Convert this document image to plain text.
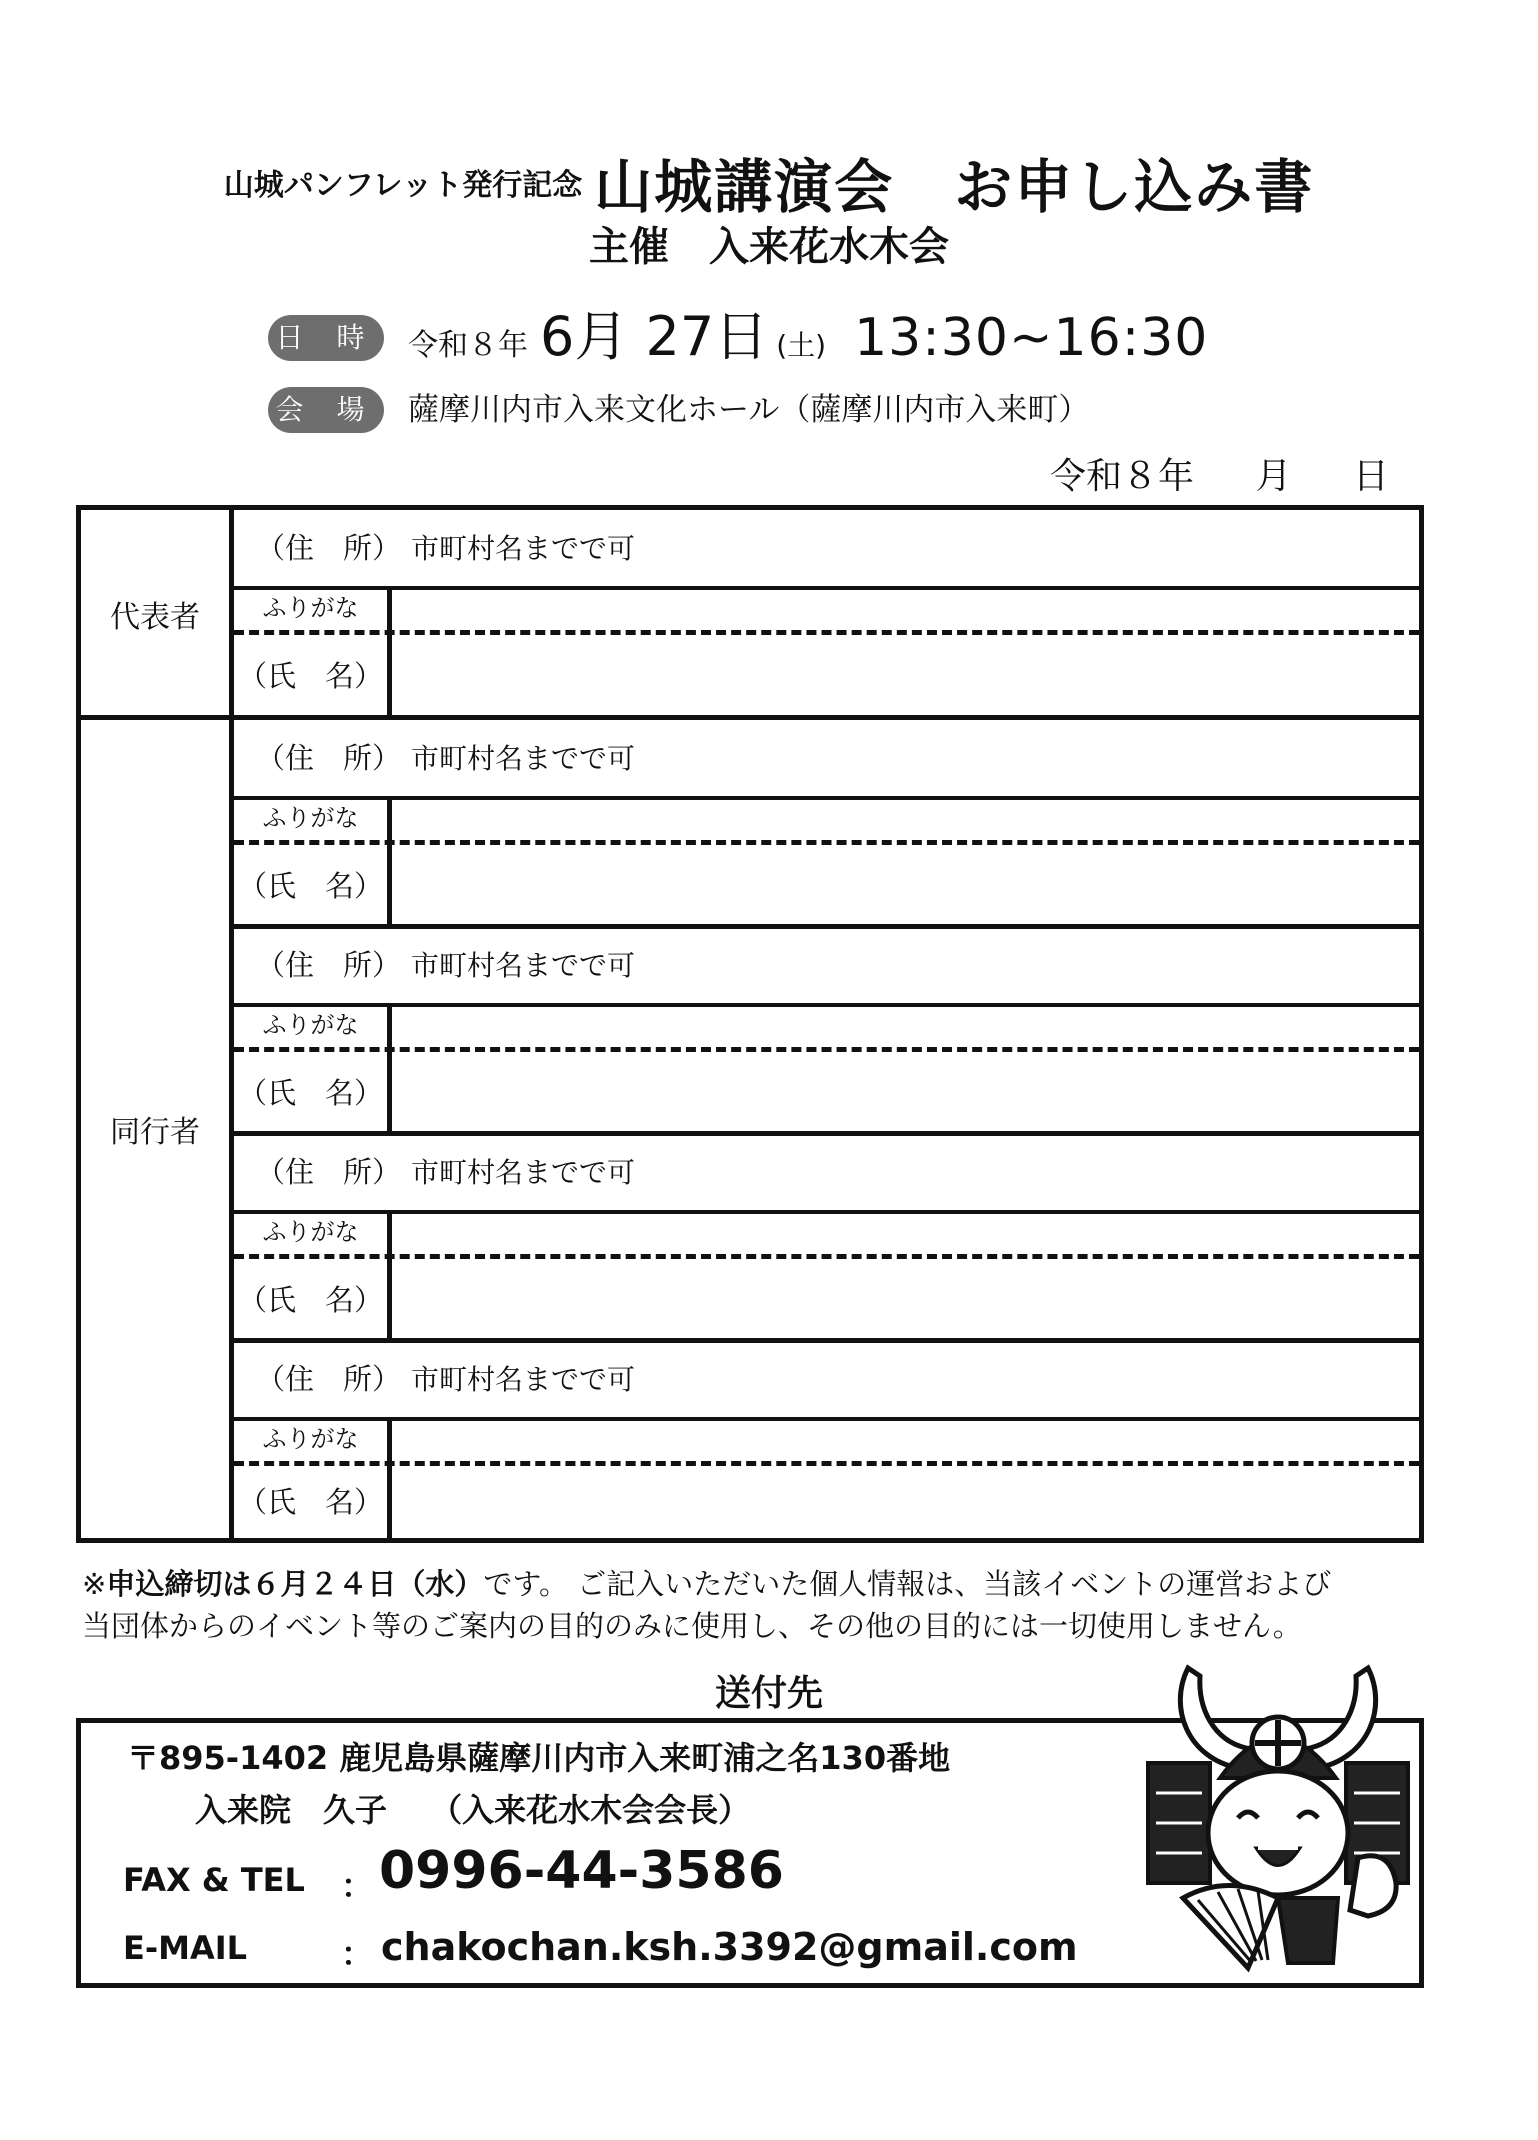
山城パンフレット発行記念 山城講演会　お申し込み書
主催　入来花水木会
日 時 令和８年 6月 27日 (土) 13:30~16:30
会 場 薩摩川内市入来文化ホール（薩摩川内市入来町）
令和８年 月 日
代表者
（住　所） 市町村名までで可
ふりがな
（氏　名）
同行者
（住　所） 市町村名までで可
ふりがな
（氏　名）
（住　所） 市町村名までで可
ふりがな
（氏　名）
（住　所） 市町村名までで可
ふりがな
（氏　名）
（住　所） 市町村名までで可
ふりがな
（氏　名）
※申込締切は６月２４日（水）です。 ご記入いただいた個人情報は、当該イベントの運営および
当団体からのイベント等のご案内の目的のみに使用し、その他の目的には一切使用しません。
送付先
〒895-1402 鹿児島県薩摩川内市入来町浦之名130番地
入来院　久子　 （入来花水木会会長）
FAX & TEL ： 0996-44-3586
E-MAIL	： chakochan.ksh.3392@gmail.com
